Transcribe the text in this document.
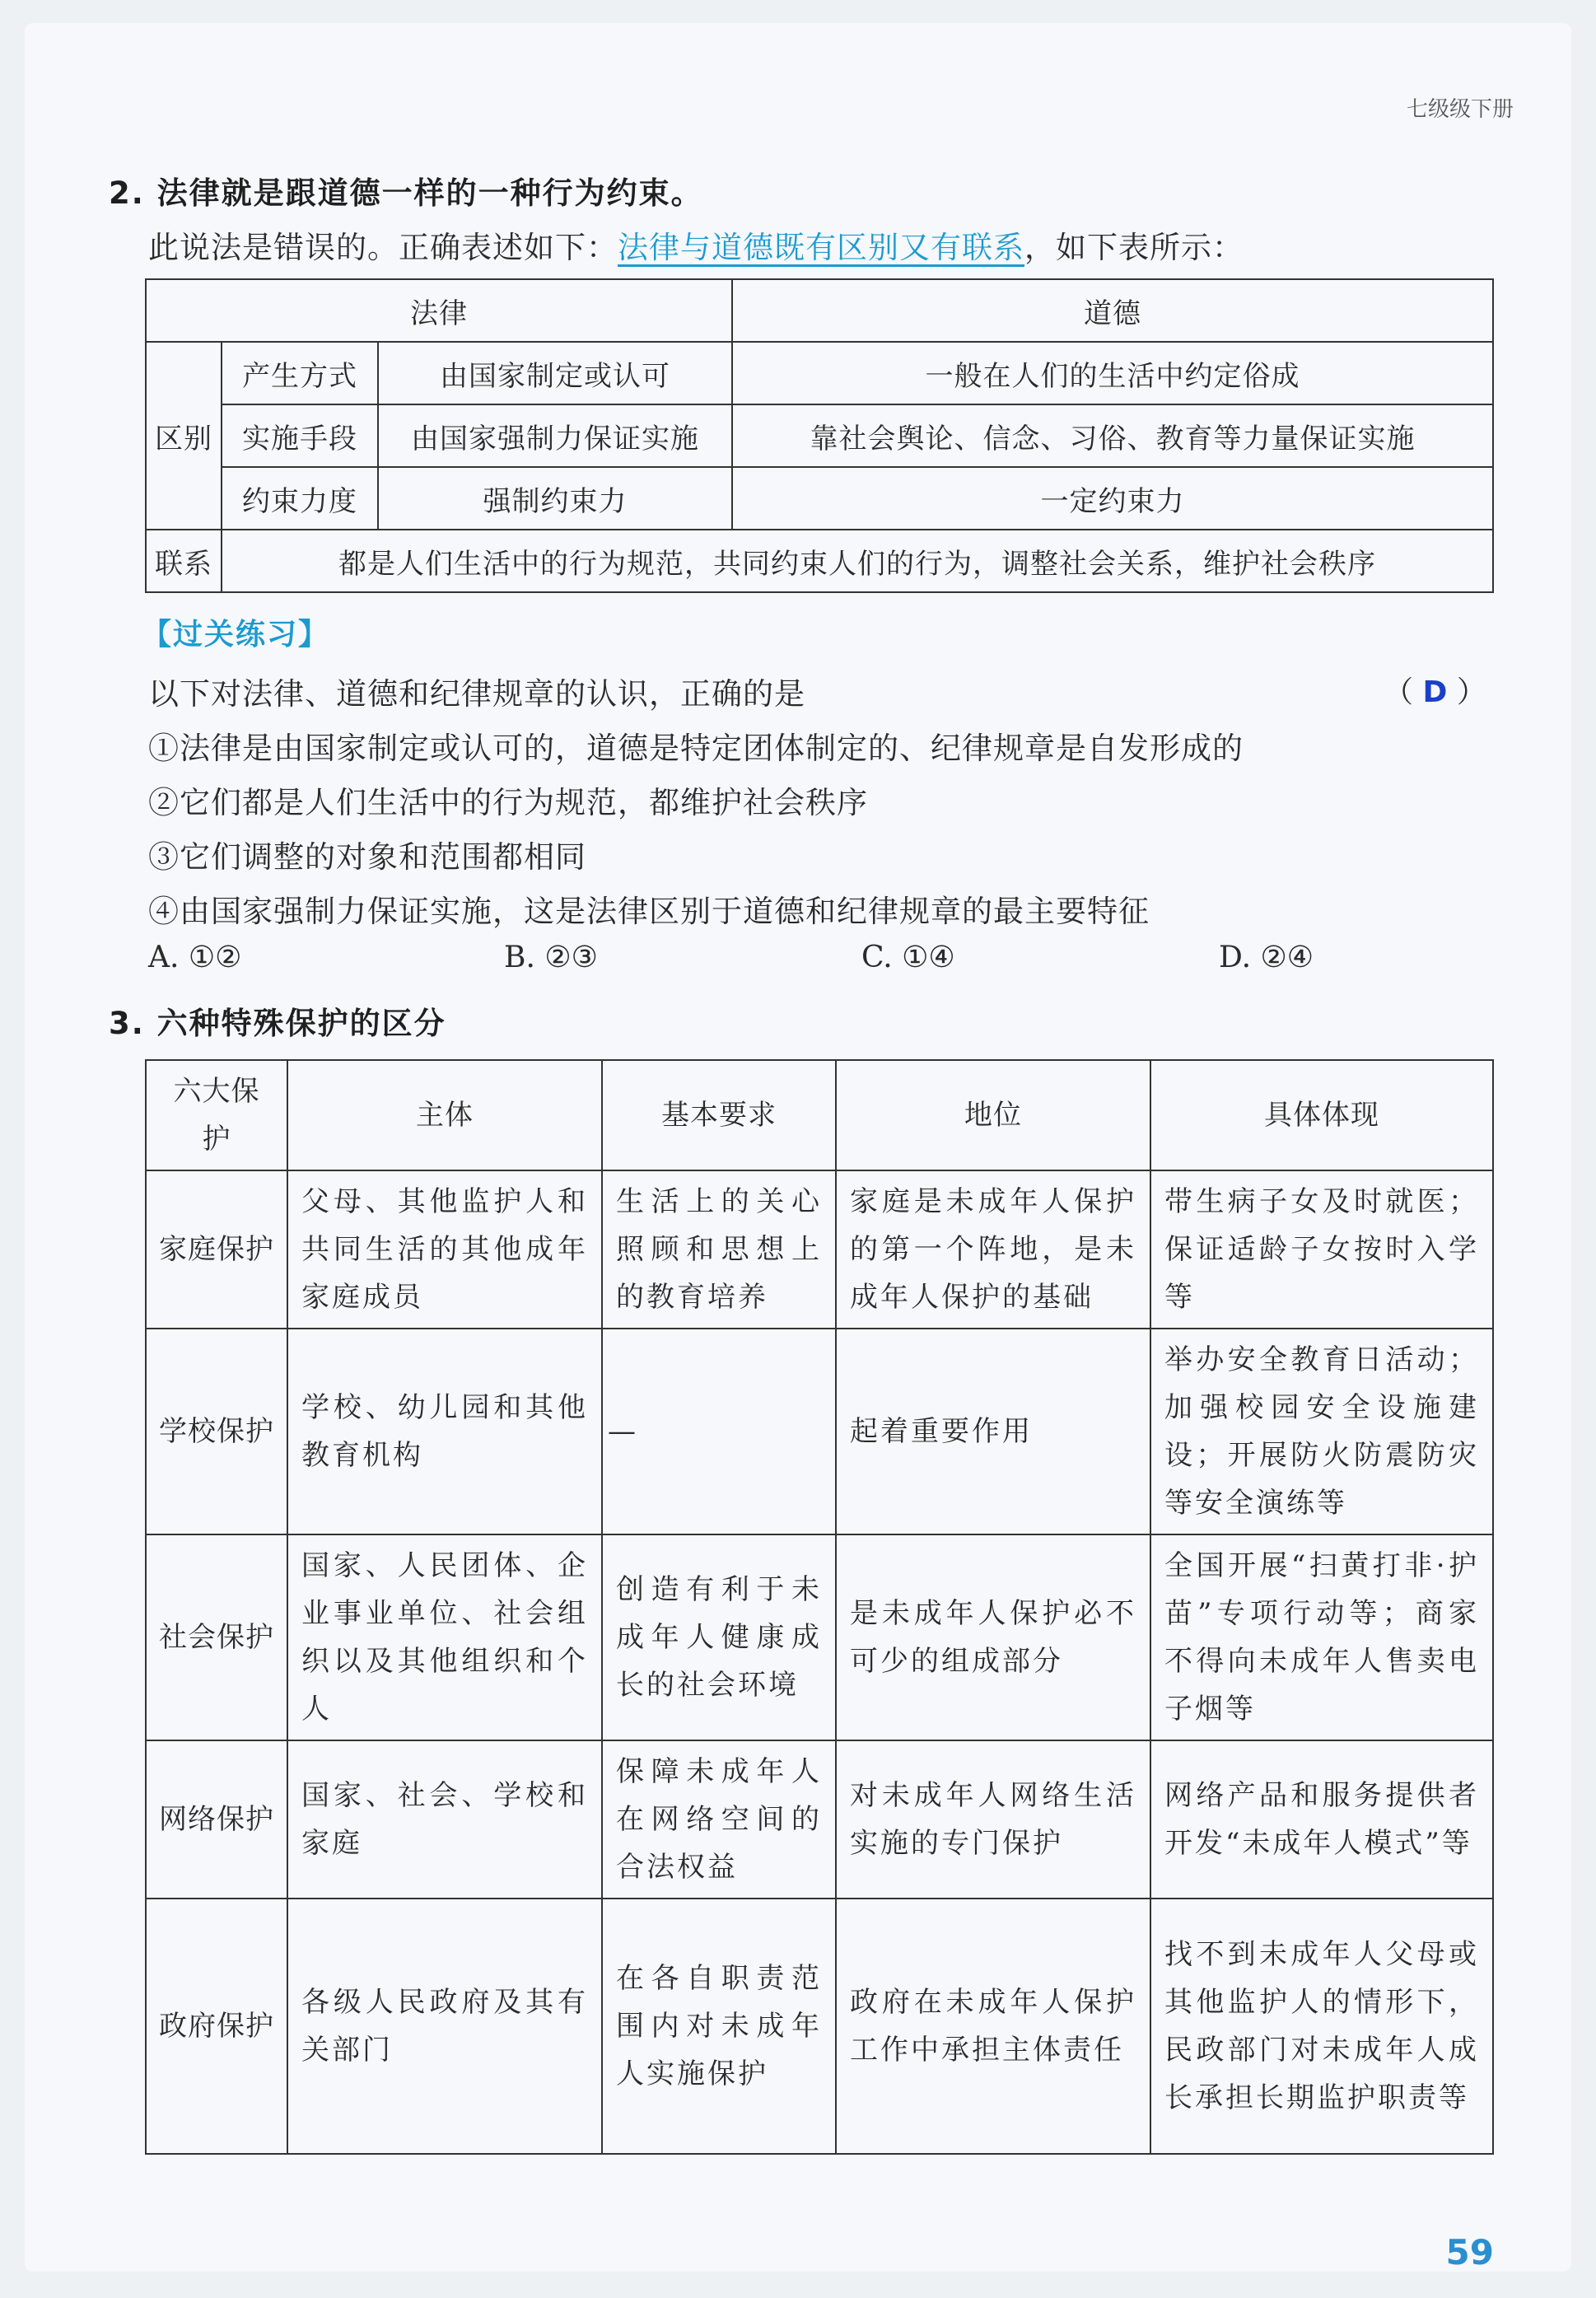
七级级下册
2. 法律就是跟道德一样的一种行为约束。
此说法是错误的。正确表述如下：法律与道德既有区别又有联系，如下表所示：
法律			道德
区别	产生方式	由国家制定或认可	一般在人们的生活中约定俗成
	实施手段	由国家强制力保证实施	靠社会舆论、信念、习俗、教育等力量保证实施
	约束力度	强制约束力	一定约束力
联系	都是人们生活中的行为规范，共同约束人们的行为，调整社会关系，维护社会秩序		
【过关练习】
以下对法律、道德和纪律规章的认识，正确的是	（ D ）
①法律是由国家制定或认可的，道德是特定团体制定的、纪律规章是自发形成的
②它们都是人们生活中的行为规范，都维护社会秩序
③它们调整的对象和范围都相同
④由国家强制力保证实施，这是法律区别于道德和纪律规章的最主要特征
A. ①②	B. ②③	C. ①④	D. ②④
3. 六种特殊保护的区分
六大保护	主体	基本要求	地位	具体体现
家庭保护	父母、其他监护人和共同生活的其他成年家庭成员	生活上的关心照顾和思想上的教育培养	家庭是未成年人保护的第一个阵地，是未成年人保护的基础	带生病子女及时就医；保证适龄子女按时入学等
学校保护	学校、幼儿园和其他教育机构	—	起着重要作用	举办安全教育日活动；加强校园安全设施建设；开展防火防震防灾等安全演练等
社会保护	国家、人民团体、企业事业单位、社会组织以及其他组织和个人	创造有利于未成年人健康成长的社会环境	是未成年人保护必不可少的组成部分	全国开展“扫黄打非·护苗”专项行动等；商家不得向未成年人售卖电子烟等
网络保护	国家、社会、学校和家庭	保障未成年人在网络空间的合法权益	对未成年人网络生活实施的专门保护	网络产品和服务提供者开发“未成年人模式”等
政府保护	各级人民政府及其有关部门	在各自职责范围内对未成年人实施保护	政府在未成年人保护工作中承担主体责任	找不到未成年人父母或其他监护人的情形下，民政部门对未成年人成长承担长期监护职责等
59
